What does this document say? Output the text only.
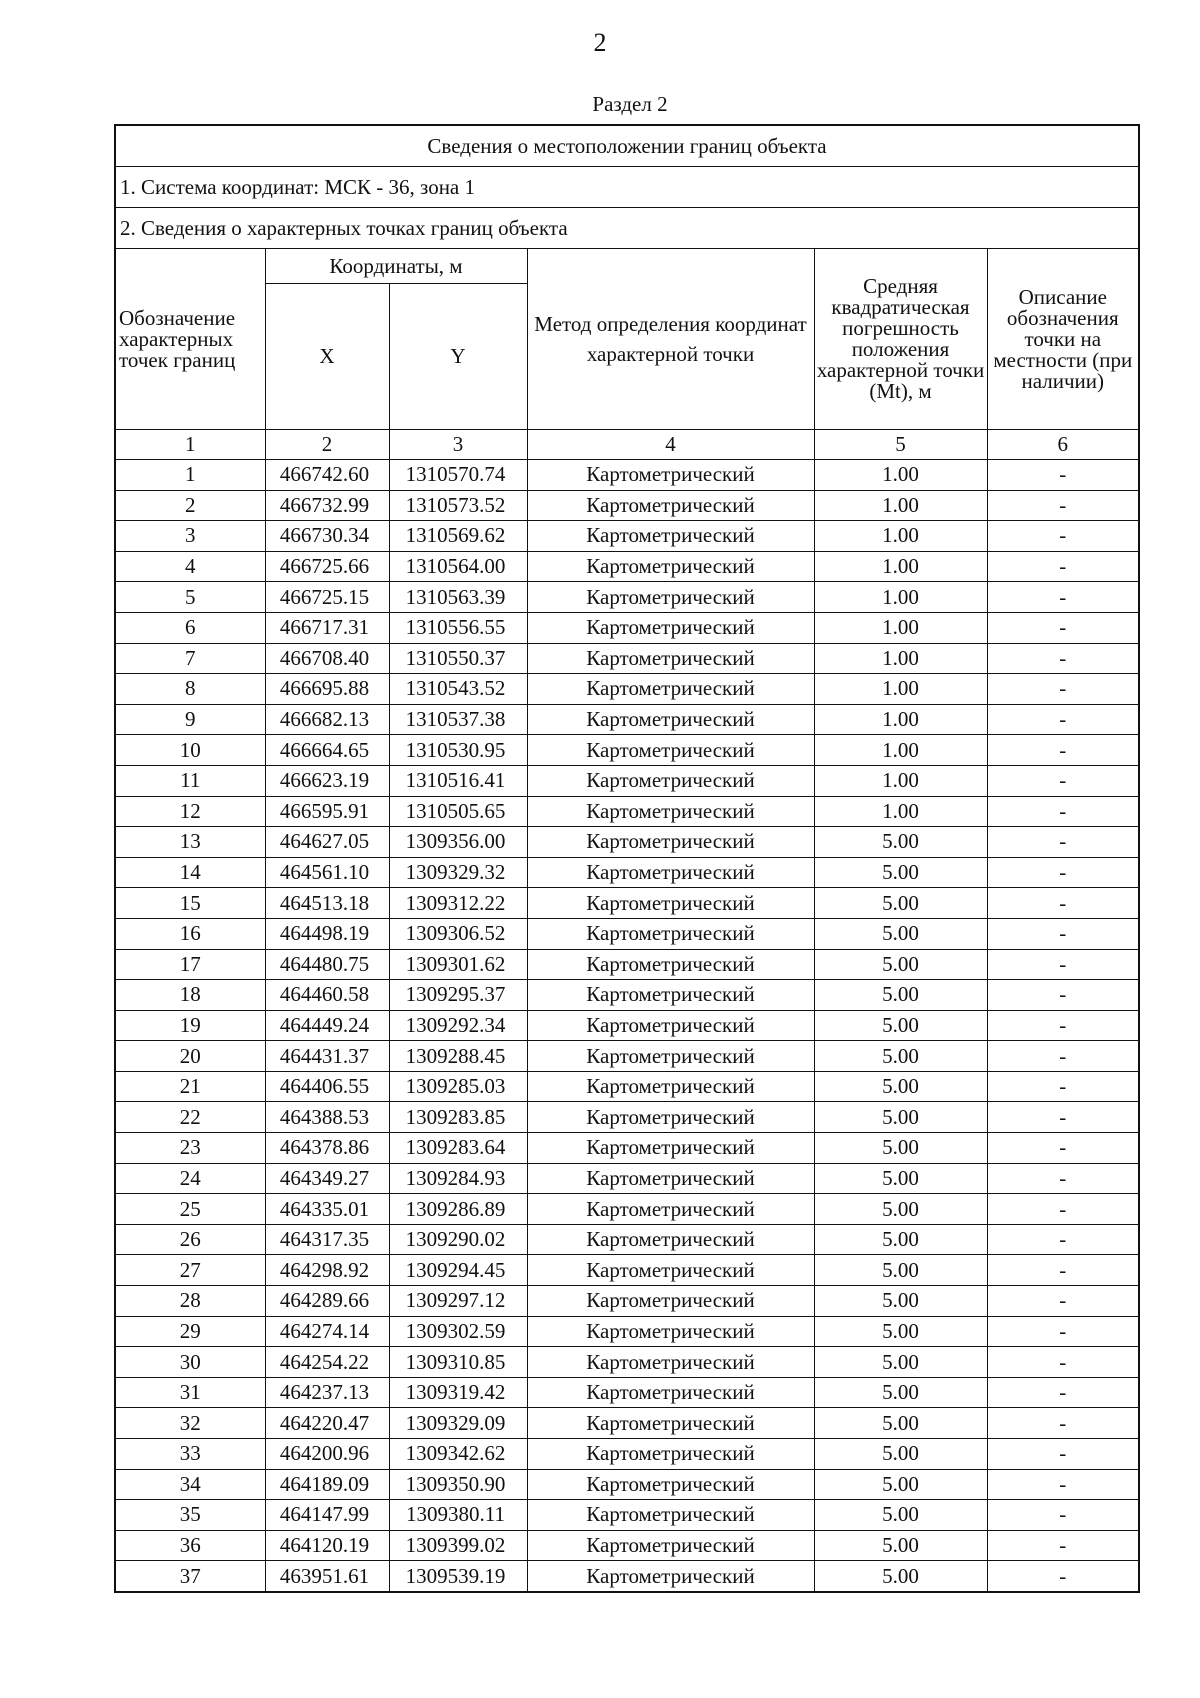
2
Раздел 2
Сведения о местоположении границ объекта					
1. Система координат: МСК - 36, зона 1					
2. Сведения о характерных точках границ объекта					
Обозначение характерных точек границ	Координаты, м		Метод определения координат характерной точки	Средняя квадратическая погрешность положения характерной точки (Mt), м	Описание обозначения точки на местности (при наличии)
	X	Y			
1	2	3	4	5	6
1	466742.60	1310570.74	Картометрический	1.00	-
2	466732.99	1310573.52	Картометрический	1.00	-
3	466730.34	1310569.62	Картометрический	1.00	-
4	466725.66	1310564.00	Картометрический	1.00	-
5	466725.15	1310563.39	Картометрический	1.00	-
6	466717.31	1310556.55	Картометрический	1.00	-
7	466708.40	1310550.37	Картометрический	1.00	-
8	466695.88	1310543.52	Картометрический	1.00	-
9	466682.13	1310537.38	Картометрический	1.00	-
10	466664.65	1310530.95	Картометрический	1.00	-
11	466623.19	1310516.41	Картометрический	1.00	-
12	466595.91	1310505.65	Картометрический	1.00	-
13	464627.05	1309356.00	Картометрический	5.00	-
14	464561.10	1309329.32	Картометрический	5.00	-
15	464513.18	1309312.22	Картометрический	5.00	-
16	464498.19	1309306.52	Картометрический	5.00	-
17	464480.75	1309301.62	Картометрический	5.00	-
18	464460.58	1309295.37	Картометрический	5.00	-
19	464449.24	1309292.34	Картометрический	5.00	-
20	464431.37	1309288.45	Картометрический	5.00	-
21	464406.55	1309285.03	Картометрический	5.00	-
22	464388.53	1309283.85	Картометрический	5.00	-
23	464378.86	1309283.64	Картометрический	5.00	-
24	464349.27	1309284.93	Картометрический	5.00	-
25	464335.01	1309286.89	Картометрический	5.00	-
26	464317.35	1309290.02	Картометрический	5.00	-
27	464298.92	1309294.45	Картометрический	5.00	-
28	464289.66	1309297.12	Картометрический	5.00	-
29	464274.14	1309302.59	Картометрический	5.00	-
30	464254.22	1309310.85	Картометрический	5.00	-
31	464237.13	1309319.42	Картометрический	5.00	-
32	464220.47	1309329.09	Картометрический	5.00	-
33	464200.96	1309342.62	Картометрический	5.00	-
34	464189.09	1309350.90	Картометрический	5.00	-
35	464147.99	1309380.11	Картометрический	5.00	-
36	464120.19	1309399.02	Картометрический	5.00	-
37	463951.61	1309539.19	Картометрический	5.00	-
